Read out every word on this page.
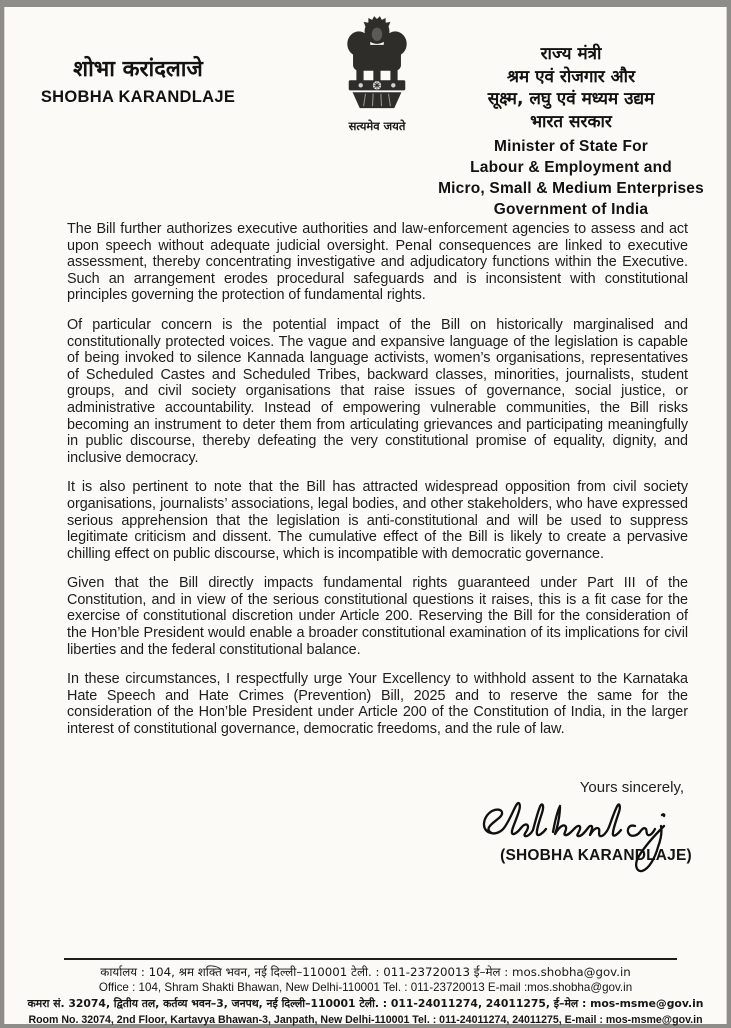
शोभा करांदलाजे
SHOBHA KARANDLAJE
सत्यमेव जयते
राज्य मंत्री
श्रम एवं रोजगार और
सूक्ष्म, लघु एवं मध्यम उद्यम
भारत सरकार
Minister of State For
Labour & Employment and
Micro, Small & Medium Enterprises
Government of India

The Bill further authorizes executive authorities and law-enforcement agencies to assess and act upon speech without adequate judicial oversight. Penal consequences are linked to executive assessment, thereby concentrating investigative and adjudicatory functions within the Executive. Such an arrangement erodes procedural safeguards and is inconsistent with constitutional principles governing the protection of fundamental rights.

Of particular concern is the potential impact of the Bill on historically marginalised and constitutionally protected voices. The vague and expansive language of the legislation is capable of being invoked to silence Kannada language activists, women’s organisations, representatives of Scheduled Castes and Scheduled Tribes, backward classes, minorities, journalists, student groups, and civil society organisations that raise issues of governance, social justice, or administrative accountability. Instead of empowering vulnerable communities, the Bill risks becoming an instrument to deter them from articulating grievances and participating meaningfully in public discourse, thereby defeating the very constitutional promise of equality, dignity, and inclusive democracy.

It is also pertinent to note that the Bill has attracted widespread opposition from civil society organisations, journalists’ associations, legal bodies, and other stakeholders, who have expressed serious apprehension that the legislation is anti-constitutional and will be used to suppress legitimate criticism and dissent. The cumulative effect of the Bill is likely to create a pervasive chilling effect on public discourse, which is incompatible with democratic governance.

Given that the Bill directly impacts fundamental rights guaranteed under Part III of the Constitution, and in view of the serious constitutional questions it raises, this is a fit case for the exercise of constitutional discretion under Article 200. Reserving the Bill for the consideration of the Hon’ble President would enable a broader constitutional examination of its implications for civil liberties and the federal constitutional balance.

In these circumstances, I respectfully urge Your Excellency to withhold assent to the Karnataka Hate Speech and Hate Crimes (Prevention) Bill, 2025 and to reserve the same for the consideration of the Hon’ble President under Article 200 of the Constitution of India, in the larger interest of constitutional governance, democratic freedoms, and the rule of law.

Yours sincerely,
(SHOBHA KARANDLAJE)
कार्यालय : 104, श्रम शक्ति भवन, नई दिल्ली–110001 टेली. : 011-23720013 ई–मेल : mos.shobha@gov.in
Office : 104, Shram Shakti Bhawan, New Delhi-110001 Tel. : 011-23720013 E-mail :mos.shobha@gov.in
कमरा सं. 32074, द्वितीय तल, कर्तव्य भवन–3, जनपथ, नई दिल्ली–110001 टेली. : 011-24011274, 24011275, ई–मेल : mos-msme@gov.in
Room No. 32074, 2nd Floor, Kartavya Bhawan-3, Janpath, New Delhi-110001 Tel. : 011-24011274, 24011275, E-mail : mos-msme@gov.in
